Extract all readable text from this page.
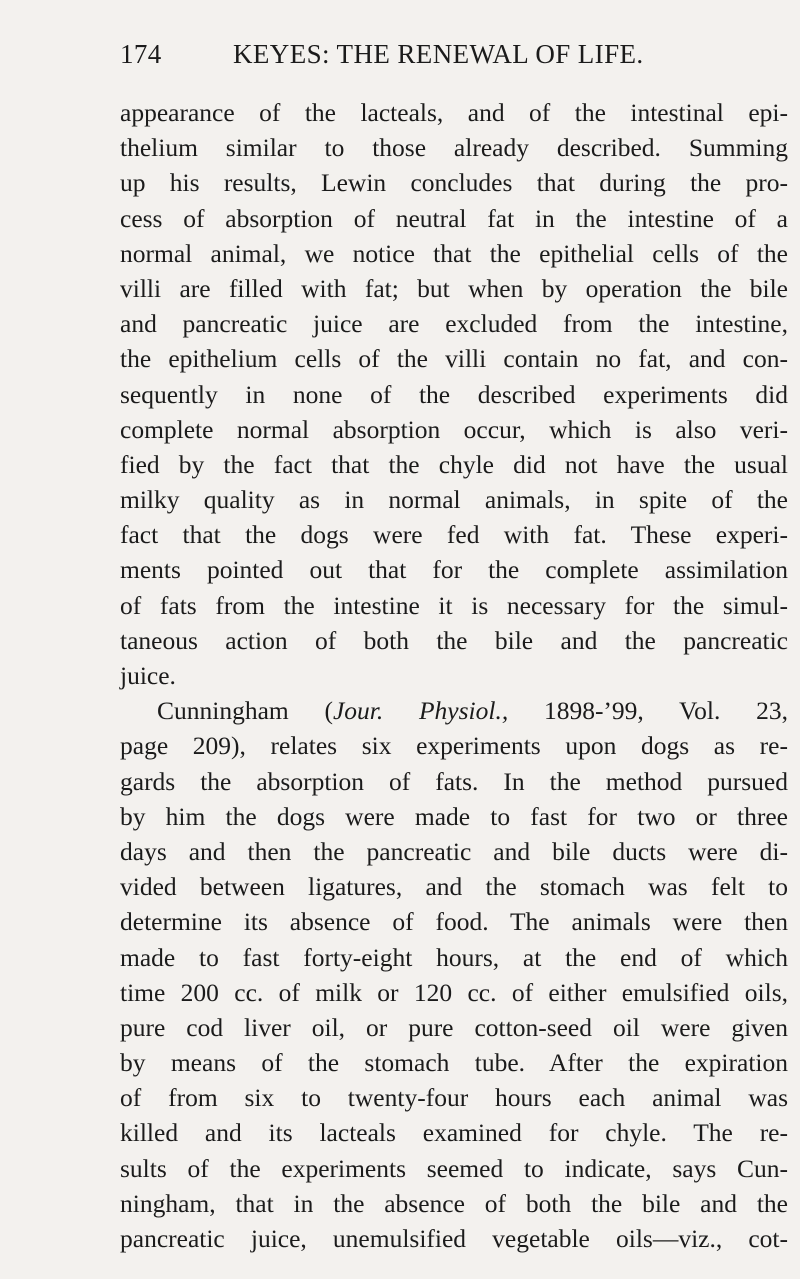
174	KEYES: THE RENEWAL OF LIFE.
appearance of the lacteals, and of the intestinal epi-
thelium similar to those already described. Summing
up his results, Lewin concludes that during the pro-
cess of absorption of neutral fat in the intestine of a
normal animal, we notice that the epithelial cells of the
villi are filled with fat; but when by operation the bile
and pancreatic juice are excluded from the intestine,
the epithelium cells of the villi contain no fat, and con-
sequently in none of the described experiments did
complete normal absorption occur, which is also veri-
fied by the fact that the chyle did not have the usual
milky quality as in normal animals, in spite of the
fact that the dogs were fed with fat. These experi-
ments pointed out that for the complete assimilation
of fats from the intestine it is necessary for the simul-
taneous action of both the bile and the pancreatic
juice.
Cunningham (Jour. Physiol., 1898-’99, Vol. 23,
page 209), relates six experiments upon dogs as re-
gards the absorption of fats. In the method pursued
by him the dogs were made to fast for two or three
days and then the pancreatic and bile ducts were di-
vided between ligatures, and the stomach was felt to
determine its absence of food. The animals were then
made to fast forty-eight hours, at the end of which
time 200 cc. of milk or 120 cc. of either emulsified oils,
pure cod liver oil, or pure cotton-seed oil were given
by means of the stomach tube. After the expiration
of from six to twenty-four hours each animal was
killed and its lacteals examined for chyle. The re-
sults of the experiments seemed to indicate, says Cun-
ningham, that in the absence of both the bile and the
pancreatic juice, unemulsified vegetable oils—viz., cot-
